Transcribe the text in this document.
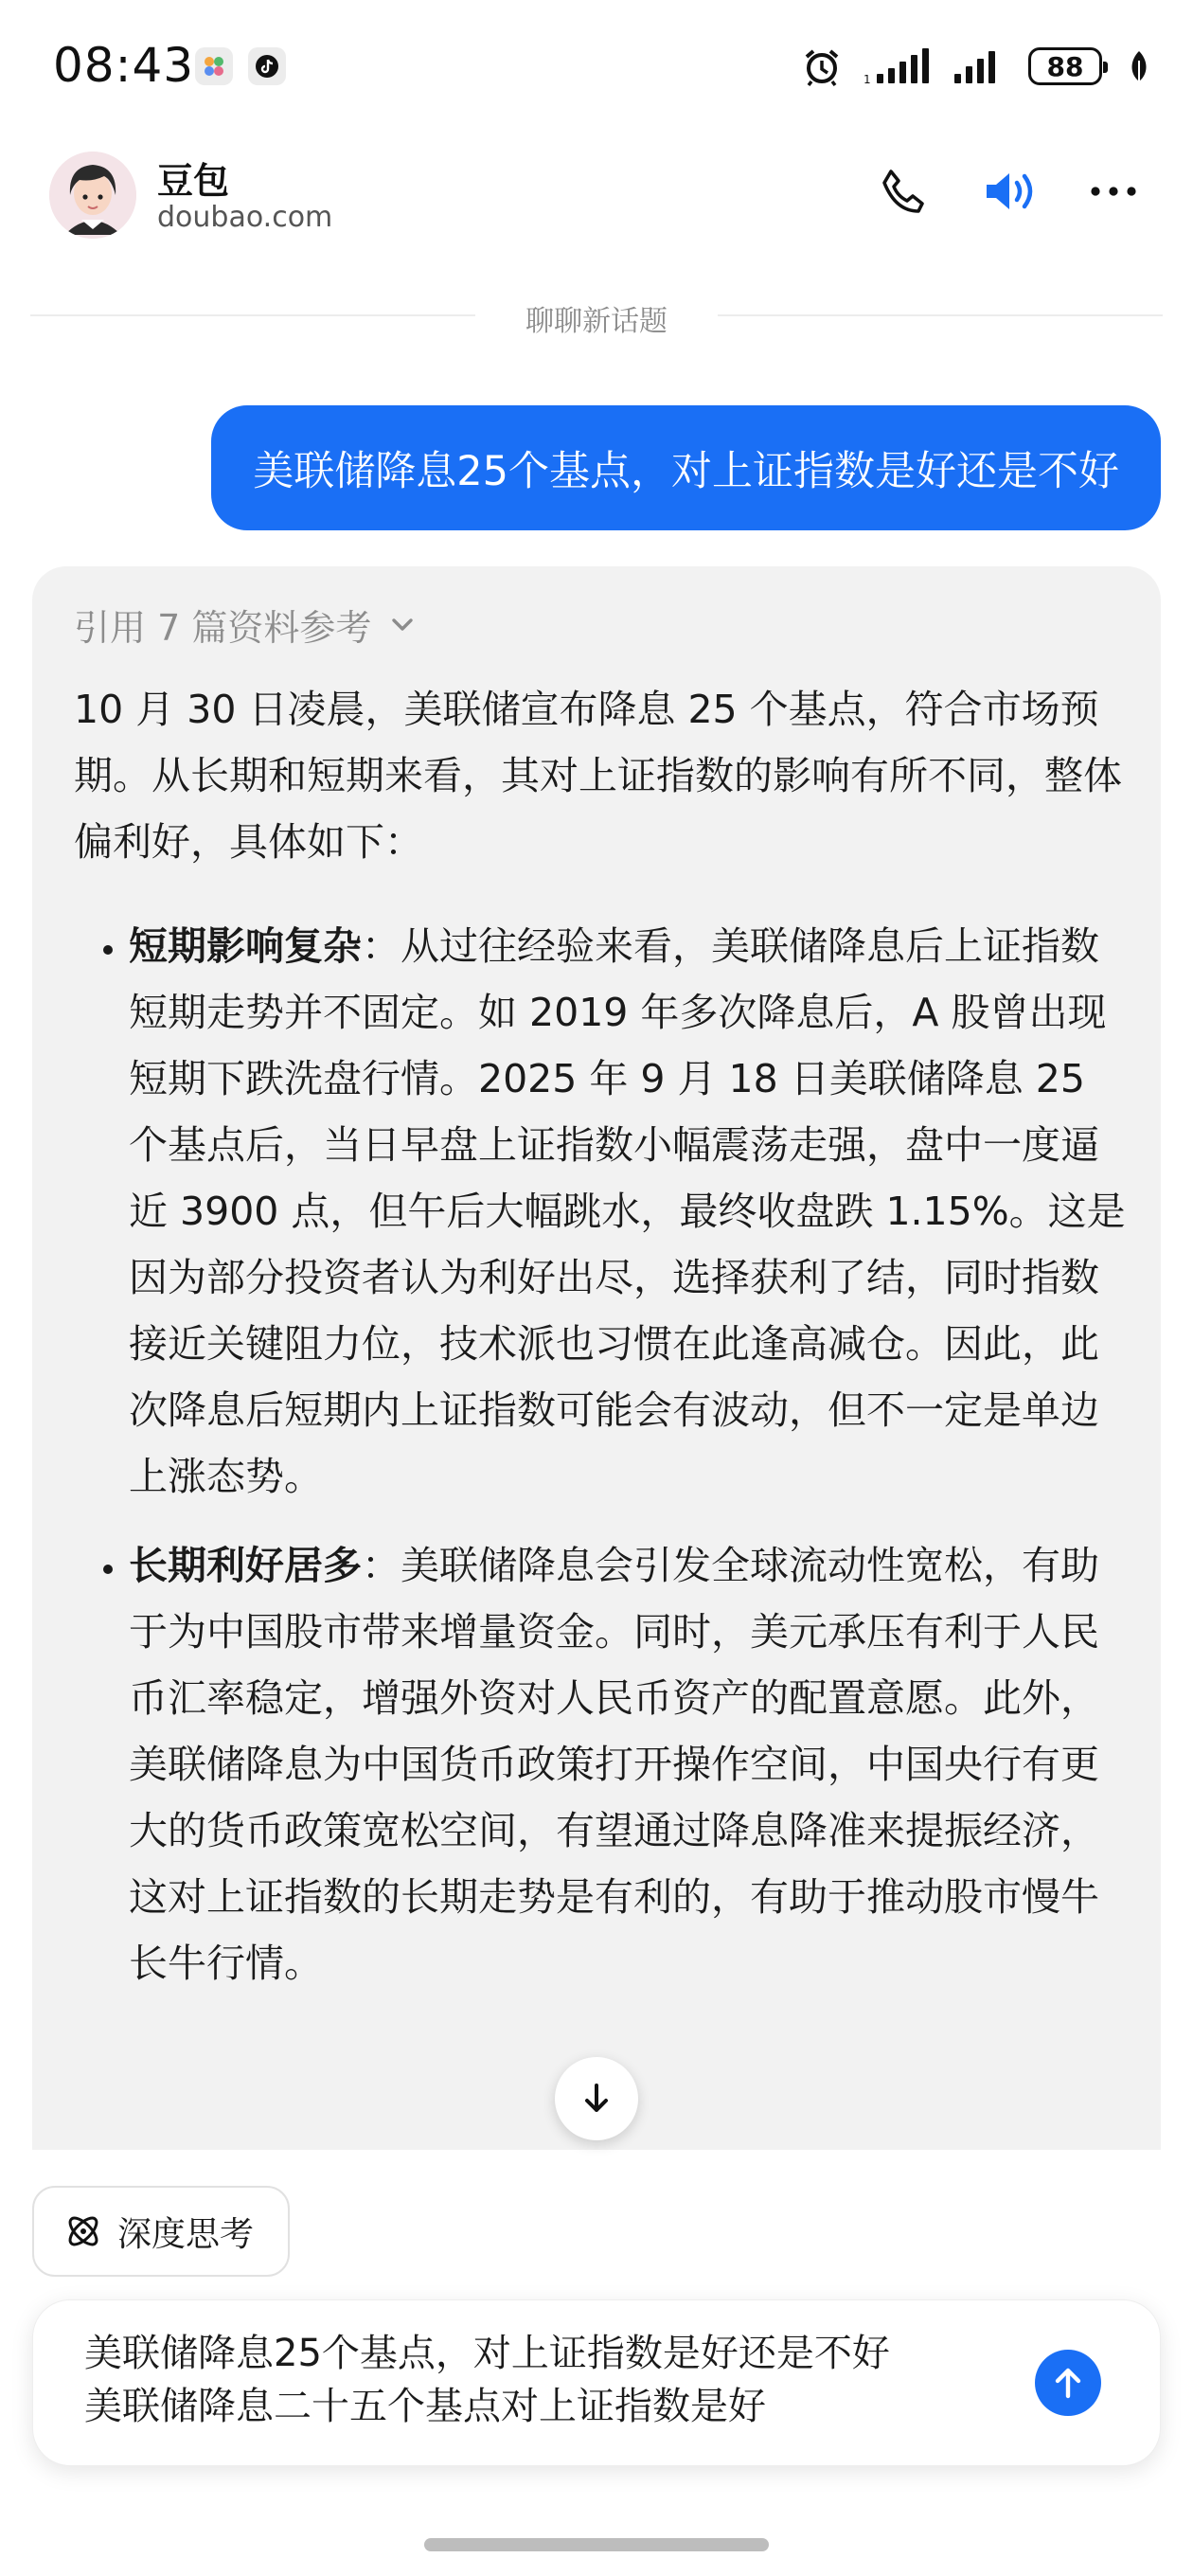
08:43	1	88
豆包
doubao.com
聊聊新话题
美联储降息25个基点，对上证指数是好还是不好
引用 7 篇资料参考

10 月 30 日凌晨，美联储宣布降息 25 个基点，符合市场预期。从长期和短期来看，其对上证指数的影响有所不同，整体偏利好，具体如下：

• 短期影响复杂：从过往经验来看，美联储降息后上证指数短期走势并不固定。如 2019 年多次降息后，A 股曾出现短期下跌洗盘行情。2025 年 9 月 18 日美联储降息 25 个基点后，当日早盘上证指数小幅震荡走强，盘中一度逼近 3900 点，但午后大幅跳水，最终收盘跌 1.15%。这是因为部分投资者认为利好出尽，选择获利了结，同时指数接近关键阻力位，技术派也习惯在此逢高减仓。因此，此次降息后短期内上证指数可能会有波动，但不一定是单边上涨态势。
• 长期利好居多：美联储降息会引发全球流动性宽松，有助于为中国股市带来增量资金。同时，美元承压有利于人民币汇率稳定，增强外资对人民币资产的配置意愿。此外，美联储降息为中国货币政策打开操作空间，中国央行有更大的货币政策宽松空间，有望通过降息降准来提振经济，这对上证指数的长期走势是有利的，有助于推动股市慢牛长牛行情。
深度思考
美联储降息25个基点，对上证指数是好还是不好
美联储降息二十五个基点对上证指数是好
